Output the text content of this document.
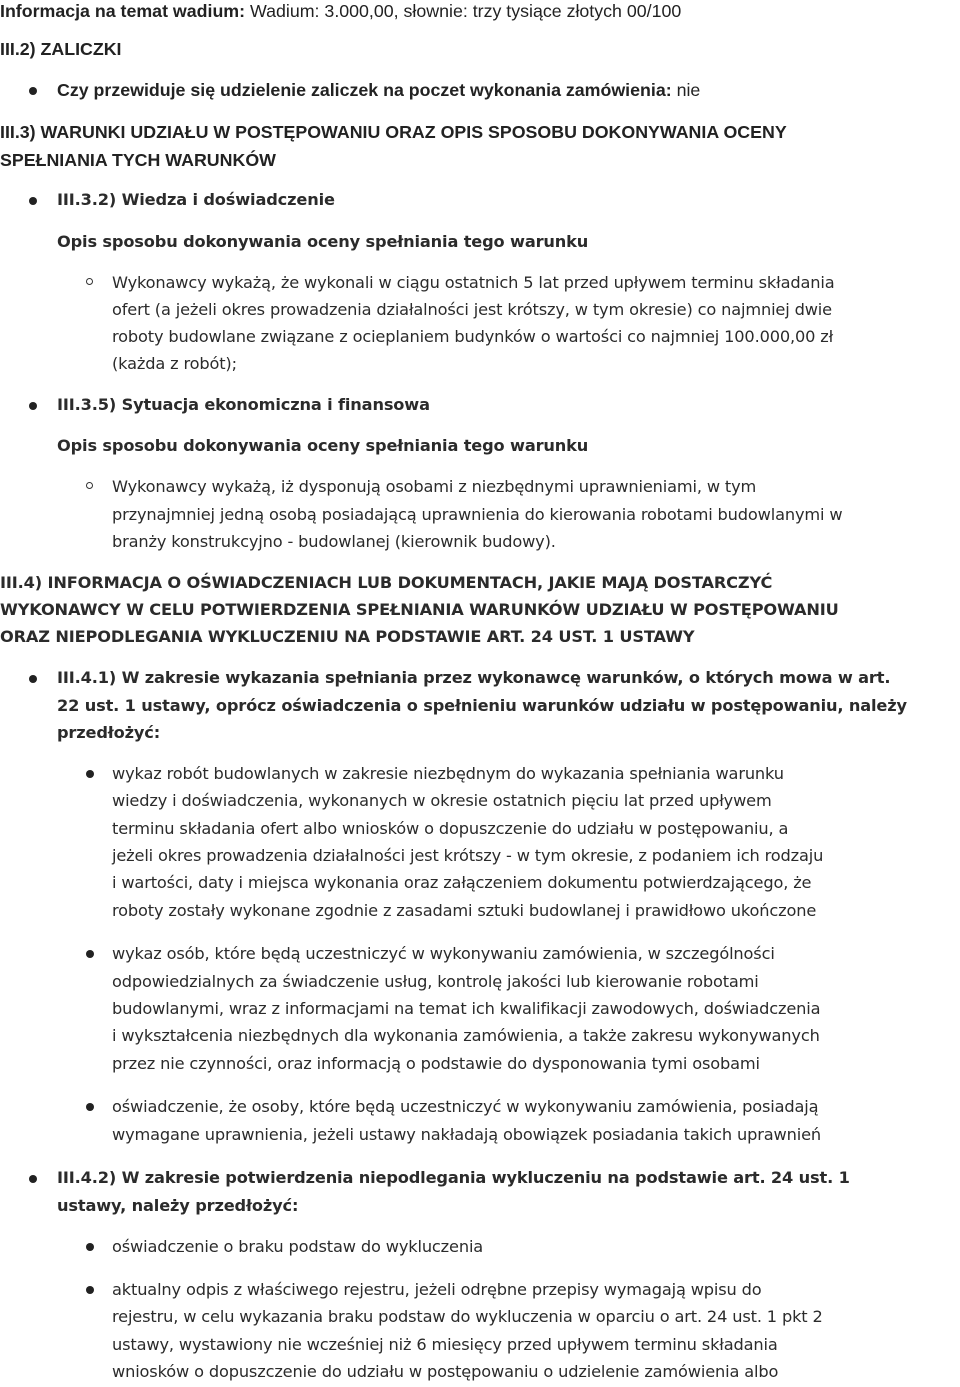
Informacja na temat wadium: Wadium: 3.000,00, słownie: trzy tysiące złotych 00/100
III.2) ZALICZKI
Czy przewiduje się udzielenie zaliczek na poczet wykonania zamówienia: nie
III.3) WARUNKI UDZIAŁU W POSTĘPOWANIU ORAZ OPIS SPOSOBU DOKONYWANIA OCENY
SPEŁNIANIA TYCH WARUNKÓW
III.3.2) Wiedza i doświadczenie
Opis sposobu dokonywania oceny spełniania tego warunku
Wykonawcy wykażą, że wykonali w ciągu ostatnich 5 lat przed upływem terminu składania
ofert (a jeżeli okres prowadzenia działalności jest krótszy, w tym okresie) co najmniej dwie
roboty budowlane związane z ocieplaniem budynków o wartości co najmniej 100.000,00 zł
(każda z robót);
III.3.5) Sytuacja ekonomiczna i finansowa
Opis sposobu dokonywania oceny spełniania tego warunku
Wykonawcy wykażą, iż dysponują osobami z niezbędnymi uprawnieniami, w tym
przynajmniej jedną osobą posiadającą uprawnienia do kierowania robotami budowlanymi w
branży konstrukcyjno - budowlanej (kierownik budowy).
III.4) INFORMACJA O OŚWIADCZENIACH LUB DOKUMENTACH, JAKIE MAJĄ DOSTARCZYĆ
WYKONAWCY W CELU POTWIERDZENIA SPEŁNIANIA WARUNKÓW UDZIAŁU W POSTĘPOWANIU
ORAZ NIEPODLEGANIA WYKLUCZENIU NA PODSTAWIE ART. 24 UST. 1 USTAWY
III.4.1) W zakresie wykazania spełniania przez wykonawcę warunków, o których mowa w art.
22 ust. 1 ustawy, oprócz oświadczenia o spełnieniu warunków udziału w postępowaniu, należy
przedłożyć:
wykaz robót budowlanych w zakresie niezbędnym do wykazania spełniania warunku
wiedzy i doświadczenia, wykonanych w okresie ostatnich pięciu lat przed upływem
terminu składania ofert albo wniosków o dopuszczenie do udziału w postępowaniu, a
jeżeli okres prowadzenia działalności jest krótszy - w tym okresie, z podaniem ich rodzaju
i wartości, daty i miejsca wykonania oraz załączeniem dokumentu potwierdzającego, że
roboty zostały wykonane zgodnie z zasadami sztuki budowlanej i prawidłowo ukończone
wykaz osób, które będą uczestniczyć w wykonywaniu zamówienia, w szczególności
odpowiedzialnych za świadczenie usług, kontrolę jakości lub kierowanie robotami
budowlanymi, wraz z informacjami na temat ich kwalifikacji zawodowych, doświadczenia
i wykształcenia niezbędnych dla wykonania zamówienia, a także zakresu wykonywanych
przez nie czynności, oraz informacją o podstawie do dysponowania tymi osobami
oświadczenie, że osoby, które będą uczestniczyć w wykonywaniu zamówienia, posiadają
wymagane uprawnienia, jeżeli ustawy nakładają obowiązek posiadania takich uprawnień
III.4.2) W zakresie potwierdzenia niepodlegania wykluczeniu na podstawie art. 24 ust. 1
ustawy, należy przedłożyć:
oświadczenie o braku podstaw do wykluczenia
aktualny odpis z właściwego rejestru, jeżeli odrębne przepisy wymagają wpisu do
rejestru, w celu wykazania braku podstaw do wykluczenia w oparciu o art. 24 ust. 1 pkt 2
ustawy, wystawiony nie wcześniej niż 6 miesięcy przed upływem terminu składania
wniosków o dopuszczenie do udziału w postępowaniu o udzielenie zamówienia albo
